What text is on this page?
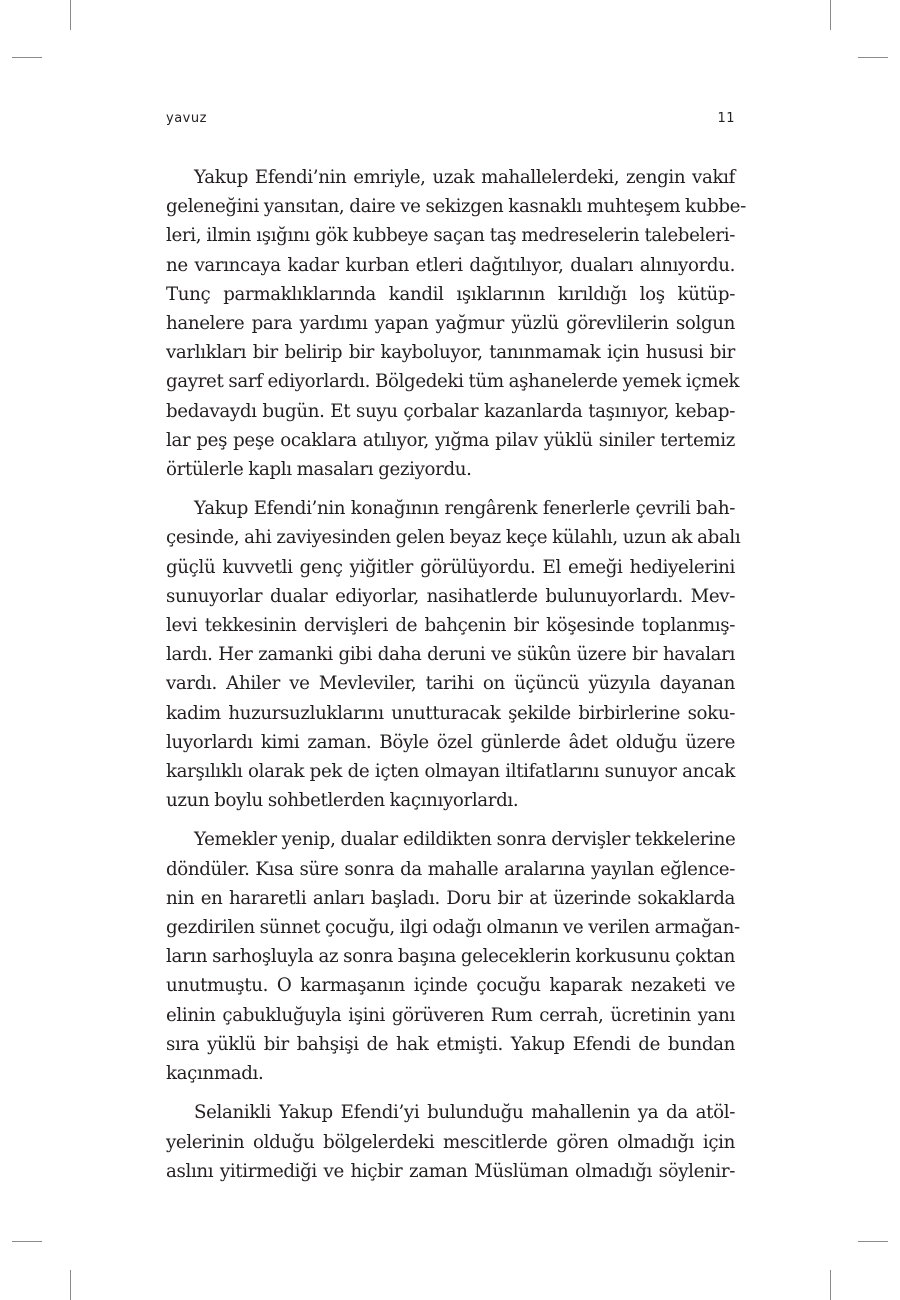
yavuz	11

Yakup Efendi’nin emriyle, uzak mahallelerdeki, zengin vakıf
geleneğini yansıtan, daire ve sekizgen kasnaklı muhteşem kubbe-
leri, ilmin ışığını gök kubbeye saçan taş medreselerin talebeleri-
ne varıncaya kadar kurban etleri dağıtılıyor, duaları alınıyordu.
Tunç parmaklıklarında kandil ışıklarının kırıldığı loş kütüp-
hanelere para yardımı yapan yağmur yüzlü görevlilerin solgun
varlıkları bir belirip bir kayboluyor, tanınmamak için hususi bir
gayret sarf ediyorlardı. Bölgedeki tüm aşhanelerde yemek içmek
bedavaydı bugün. Et suyu çorbalar kazanlarda taşınıyor, kebap-
lar peş peşe ocaklara atılıyor, yığma pilav yüklü siniler tertemiz
örtülerle kaplı masaları geziyordu.

Yakup Efendi’nin konağının rengârenk fenerlerle çevrili bah-
çesinde, ahi zaviyesinden gelen beyaz keçe külahlı, uzun ak abalı
güçlü kuvvetli genç yiğitler görülüyordu. El emeği hediyelerini
sunuyorlar dualar ediyorlar, nasihatlerde bulunuyorlardı. Mev-
levi tekkesinin dervişleri de bahçenin bir köşesinde toplanmış-
lardı. Her zamanki gibi daha deruni ve sükûn üzere bir havaları
vardı. Ahiler ve Mevleviler, tarihi on üçüncü yüzyıla dayanan
kadim huzursuzluklarını unutturacak şekilde birbirlerine soku-
luyorlardı kimi zaman. Böyle özel günlerde âdet olduğu üzere
karşılıklı olarak pek de içten olmayan iltifatlarını sunuyor ancak
uzun boylu sohbetlerden kaçınıyorlardı.

Yemekler yenip, dualar edildikten sonra dervişler tekkelerine
döndüler. Kısa süre sonra da mahalle aralarına yayılan eğlence-
nin en hararetli anları başladı. Doru bir at üzerinde sokaklarda
gezdirilen sünnet çocuğu, ilgi odağı olmanın ve verilen armağan-
ların sarhoşluyla az sonra başına geleceklerin korkusunu çoktan
unutmuştu. O karmaşanın içinde çocuğu kaparak nezaketi ve
elinin çabukluğuyla işini görüveren Rum cerrah, ücretinin yanı
sıra yüklü bir bahşişi de hak etmişti. Yakup Efendi de bundan
kaçınmadı.

Selanikli Yakup Efendi’yi bulunduğu mahallenin ya da atöl-
yelerinin olduğu bölgelerdeki mescitlerde gören olmadığı için
aslını yitirmediği ve hiçbir zaman Müslüman olmadığı söylenir-
